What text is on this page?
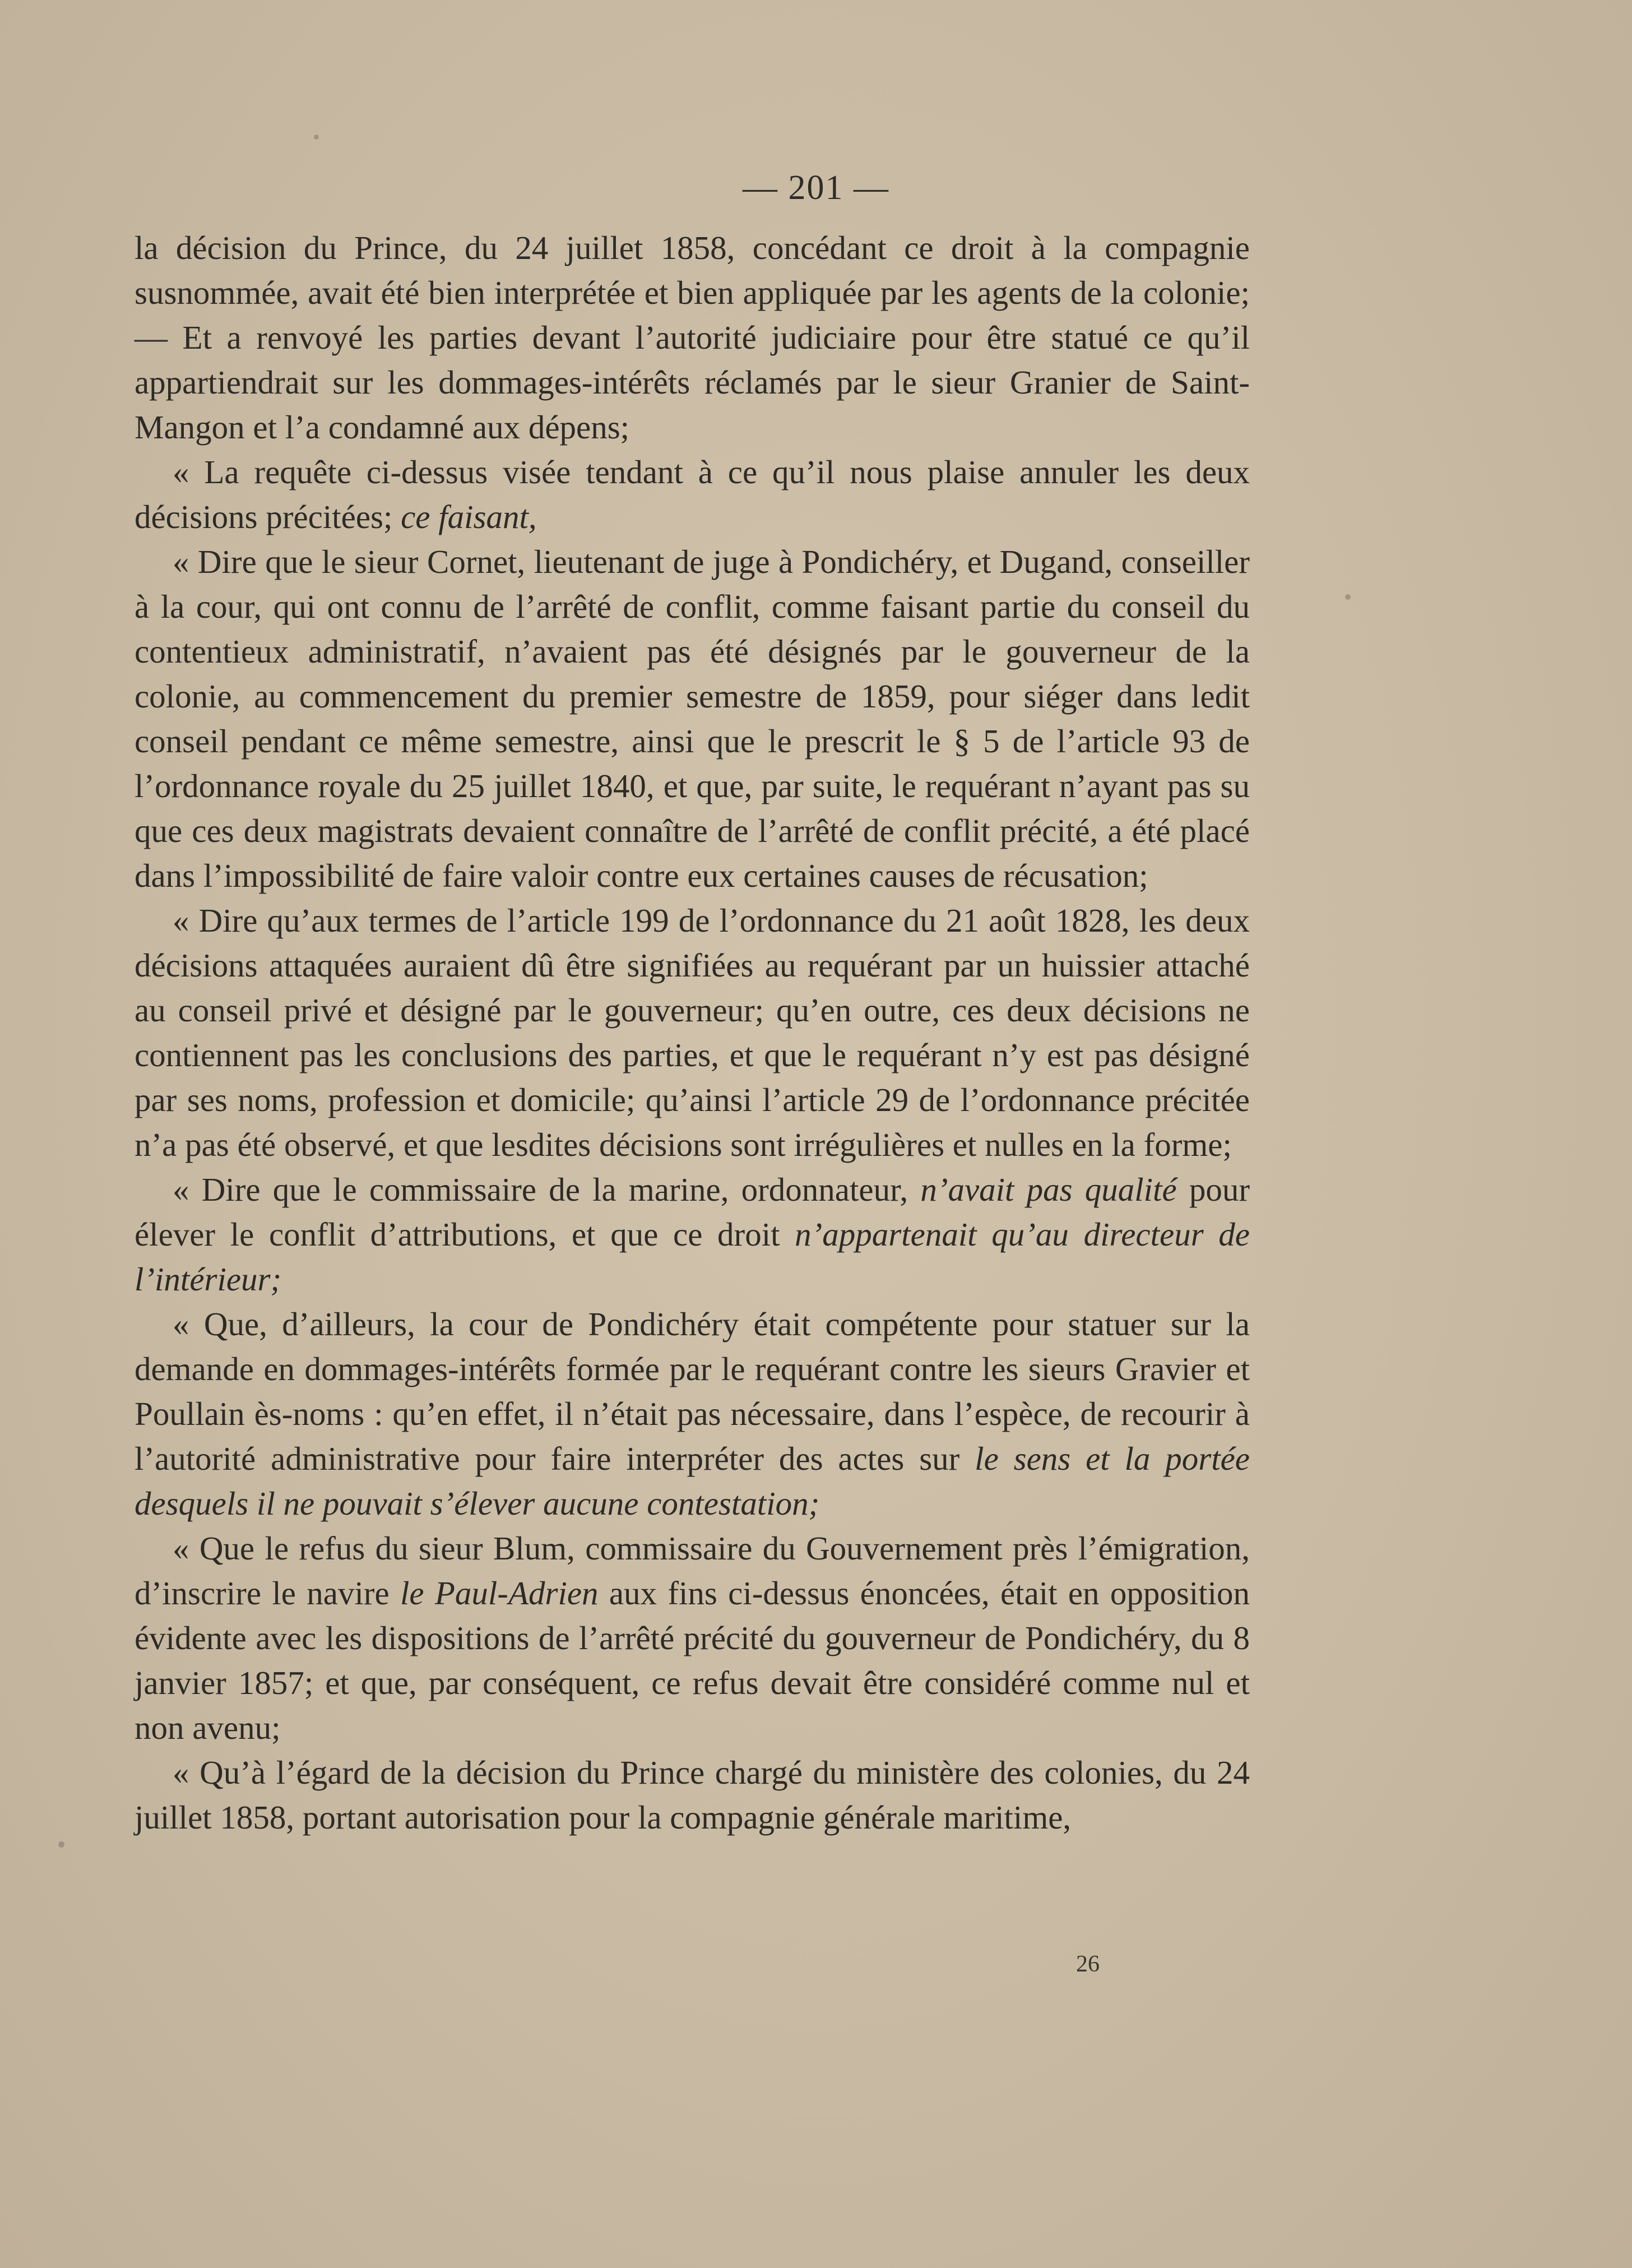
— 201 —

la décision du Prince, du 24 juillet 1858, concédant ce droit à la compagnie susnommée, avait été bien interprétée et bien appliquée par les agents de la colonie; — Et a renvoyé les parties devant l’autorité judiciaire pour être statué ce qu’il appartiendrait sur les dommages-intérêts réclamés par le sieur Granier de Saint-Mangon et l’a condamné aux dépens;

« La requête ci-dessus visée tendant à ce qu’il nous plaise annuler les deux décisions précitées; ce faisant,

« Dire que le sieur Cornet, lieutenant de juge à Pondichéry, et Dugand, conseiller à la cour, qui ont connu de l’arrêté de conflit, comme faisant partie du conseil du contentieux administratif, n’avaient pas été désignés par le gouverneur de la colonie, au commencement du premier semestre de 1859, pour siéger dans ledit conseil pendant ce même semestre, ainsi que le prescrit le § 5 de l’article 93 de l’ordonnance royale du 25 juillet 1840, et que, par suite, le requérant n’ayant pas su que ces deux magistrats devaient connaître de l’arrêté de conflit précité, a été placé dans l’impossibilité de faire valoir contre eux certaines causes de récusation;

« Dire qu’aux termes de l’article 199 de l’ordonnance du 21 août 1828, les deux décisions attaquées auraient dû être signifiées au requérant par un huissier attaché au conseil privé et désigné par le gouverneur; qu’en outre, ces deux décisions ne contiennent pas les conclusions des parties, et que le requérant n’y est pas désigné par ses noms, profession et domicile; qu’ainsi l’article 29 de l’ordonnance précitée n’a pas été observé, et que lesdites décisions sont irrégulières et nulles en la forme;

« Dire que le commissaire de la marine, ordonnateur, n’avait pas qualité pour élever le conflit d’attributions, et que ce droit n’appartenait qu’au directeur de l’intérieur;

« Que, d’ailleurs, la cour de Pondichéry était compétente pour statuer sur la demande en dommages-intérêts formée par le requérant contre les sieurs Gravier et Poullain ès-noms : qu’en effet, il n’était pas nécessaire, dans l’espèce, de recourir à l’autorité administrative pour faire interpréter des actes sur le sens et la portée desquels il ne pouvait s’élever aucune contestation;

« Que le refus du sieur Blum, commissaire du Gouvernement près l’émigration, d’inscrire le navire le Paul-Adrien aux fins ci-dessus énoncées, était en opposition évidente avec les dispositions de l’arrêté précité du gouverneur de Pondichéry, du 8 janvier 1857; et que, par conséquent, ce refus devait être considéré comme nul et non avenu;

« Qu’à l’égard de la décision du Prince chargé du ministère des colonies, du 24 juillet 1858, portant autorisation pour la compagnie générale maritime,

26
